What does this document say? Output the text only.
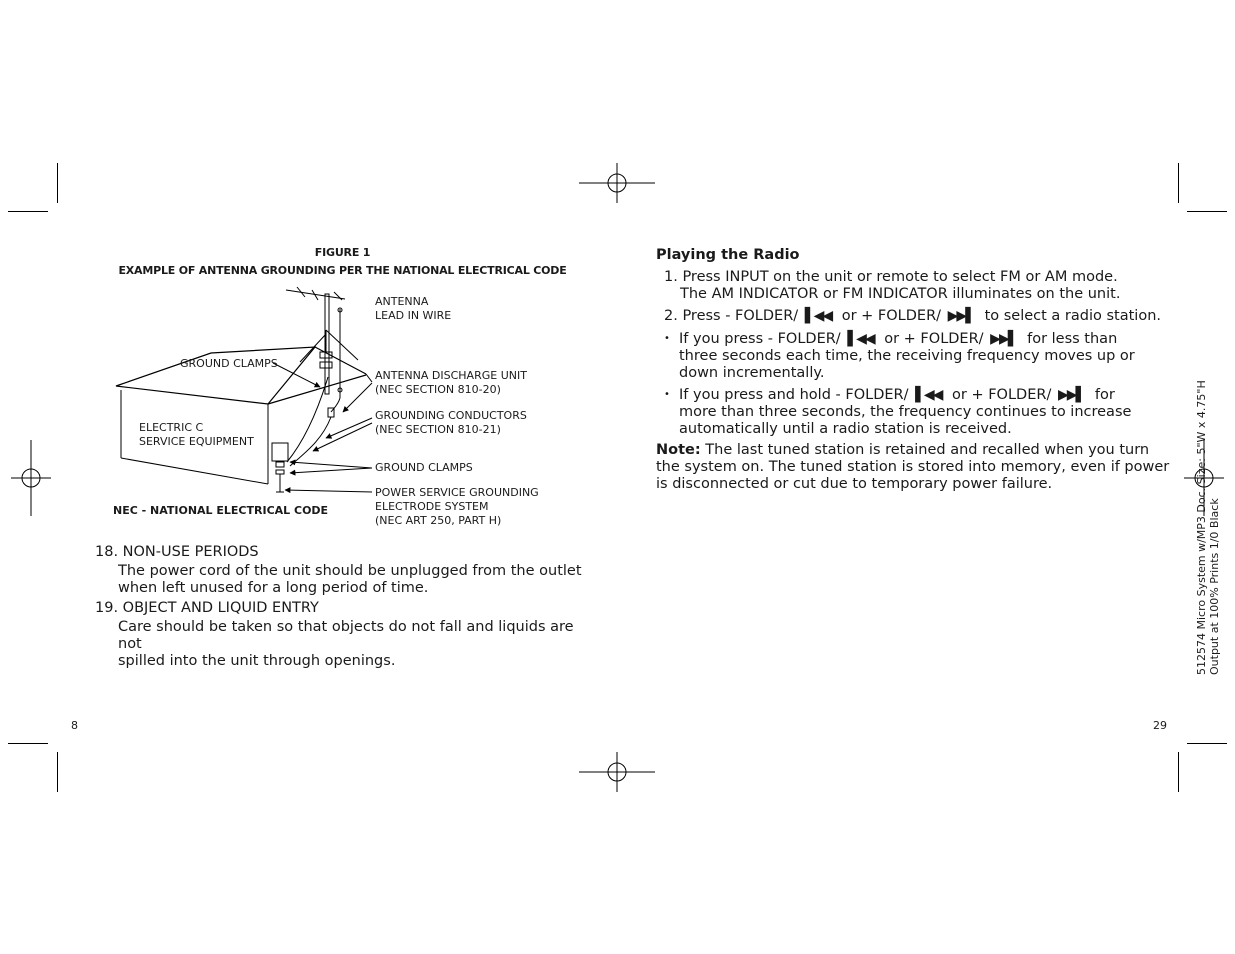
FIGURE 1
EXAMPLE OF ANTENNA GROUNDING PER THE NATIONAL ELECTRICAL CODE
ANTENNA
LEAD IN WIRE
GROUND CLAMPS
ANTENNA DISCHARGE UNIT
(NEC SECTION 810-20)
ELECTRIC C
SERVICE EQUIPMENT
GROUNDING CONDUCTORS
(NEC SECTION 810-21)
GROUND CLAMPS
POWER SERVICE GROUNDING
ELECTRODE SYSTEM
(NEC ART 250, PART H)
NEC - NATIONAL ELECTRICAL CODE
18. NON-USE PERIODS
The power cord of the unit should be unplugged from the outlet
when left unused for a long period of time.
19. OBJECT AND LIQUID ENTRY
Care should be taken so that objects do not fall and liquids are not
spilled into the unit through openings.
Playing the Radio
1. Press INPUT on the unit or remote to select FM or AM mode.
The AM INDICATOR or FM INDICATOR illuminates on the unit.
2. Press - FOLDER/ ▌◀◀ or + FOLDER/ ▶▶▌ to select a radio station.
• If you press - FOLDER/ ▌◀◀ or + FOLDER/ ▶▶▌ for less than
three seconds each time, the receiving frequency moves up or
down incrementally.
• If you press and hold - FOLDER/ ▌◀◀ or + FOLDER/ ▶▶▌ for
more than three seconds, the frequency continues to increase
automatically until a radio station is received.
Note: The last tuned station is retained and recalled when you turn
the system on. The tuned station is stored into memory, even if power
is disconnected or cut due to temporary power failure.
8	29
512574 Micro System w/MP3 Doc. Size: 5"W x 4.75"H Output at 100% Prints 1/0 Black
